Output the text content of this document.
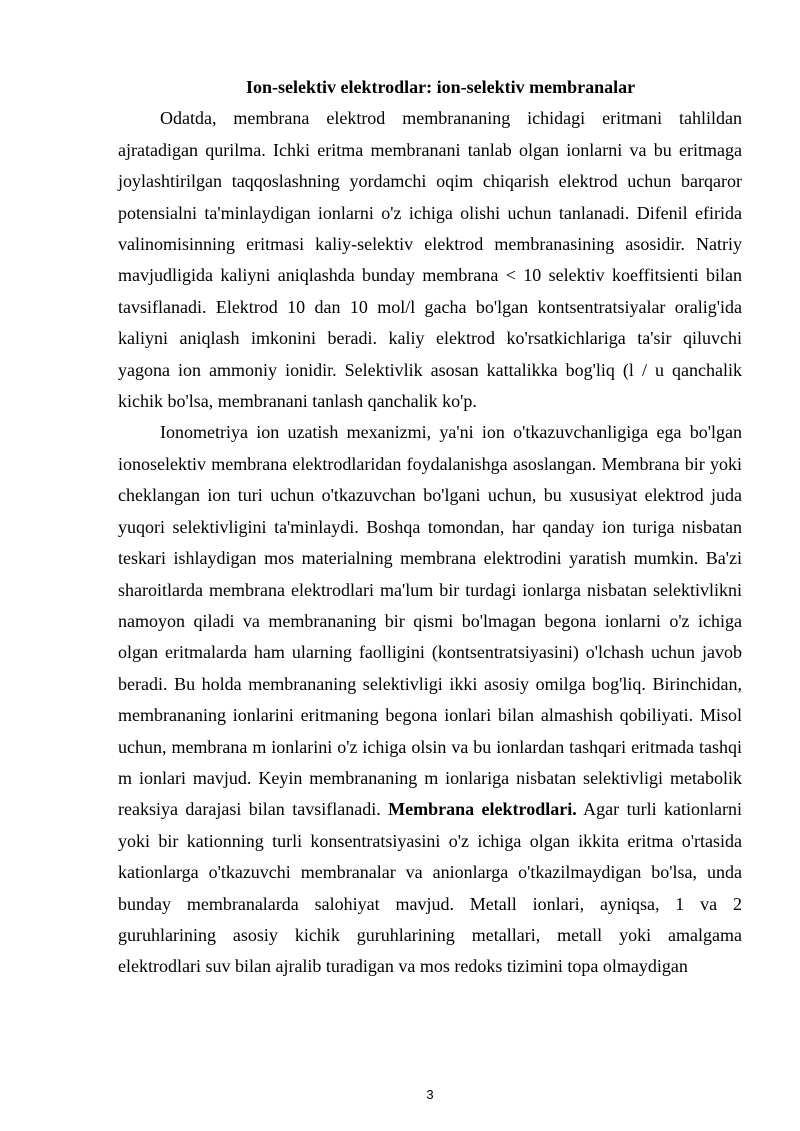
Ion-selektiv elektrodlar: ion-selektiv membranalar

Odatda, membrana elektrod membrananing ichidagi eritmani tahlildan ajratadigan qurilma. Ichki eritma membranani tanlab olgan ionlarni va bu eritmaga joylashtirilgan taqqoslashning yordamchi oqim chiqarish elektrod uchun barqaror potensialni ta'minlaydigan ionlarni o'z ichiga olishi uchun tanlanadi. Difenil efirida valinomisinning eritmasi kaliy-selektiv elektrod membranasining asosidir. Natriy mavjudligida kaliyni aniqlashda bunday membrana < 10 selektiv koeffitsienti bilan tavsiflanadi. Elektrod 10 dan 10 mol/l gacha bo'lgan kontsentratsiyalar oralig'ida kaliyni aniqlash imkonini beradi. kaliy elektrod ko'rsatkichlariga ta'sir qiluvchi yagona ion ammoniy ionidir. Selektivlik asosan kattalikka bog'liq (l / u qanchalik kichik bo'lsa, membranani tanlash qanchalik ko'p.

Ionometriya ion uzatish mexanizmi, ya'ni ion o'tkazuvchanligiga ega bo'lgan ionoselektiv membrana elektrodlaridan foydalanishga asoslangan. Membrana bir yoki cheklangan ion turi uchun o'tkazuvchan bo'lgani uchun, bu xususiyat elektrod juda yuqori selektivligini ta'minlaydi. Boshqa tomondan, har qanday ion turiga nisbatan teskari ishlaydigan mos materialning membrana elektrodini yaratish mumkin. Ba'zi sharoitlarda membrana elektrodlari ma'lum bir turdagi ionlarga nisbatan selektivlikni namoyon qiladi va membrananing bir qismi bo'lmagan begona ionlarni o'z ichiga olgan eritmalarda ham ularning faolligini (kontsentratsiyasini) o'lchash uchun javob beradi. Bu holda membrananing selektivligi ikki asosiy omilga bog'liq. Birinchidan, membrananing ionlarini eritmaning begona ionlari bilan almashish qobiliyati. Misol uchun, membrana m ionlarini o'z ichiga olsin va bu ionlardan tashqari eritmada tashqi m ionlari mavjud. Keyin membrananing m ionlariga nisbatan selektivligi metabolik reaksiya darajasi bilan tavsiflanadi. Membrana elektrodlari. Agar turli kationlarni yoki bir kationning turli konsentratsiyasini o'z ichiga olgan ikkita eritma o'rtasida kationlarga o'tkazuvchi membranalar va anionlarga o'tkazilmaydigan bo'lsa, unda bunday membranalarda salohiyat mavjud. Metall ionlari, ayniqsa, 1 va 2 guruhlarining asosiy kichik guruhlarining metallari, metall yoki amalgama elektrodlari suv bilan ajralib turadigan va mos redoks tizimini topa olmaydigan

3
